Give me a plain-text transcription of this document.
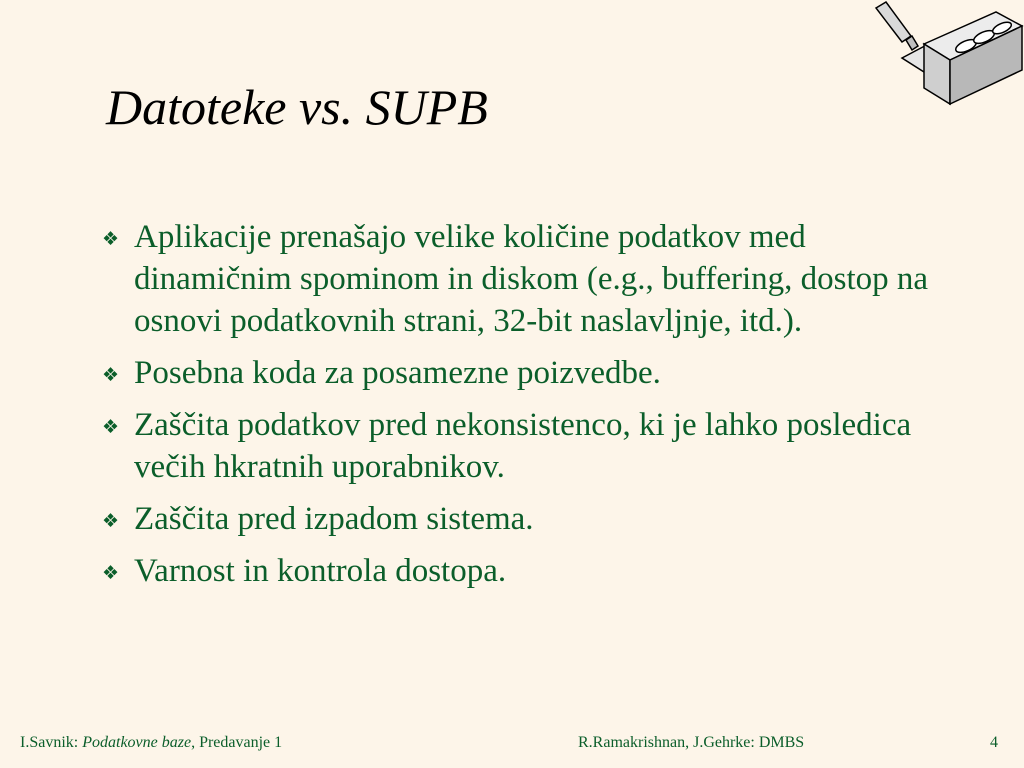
Datoteke vs. SUPB
❖ Aplikacije prenašajo velike količine podatkov med dinamičnim spominom in diskom (e.g., buffering, dostop na osnovi podatkovnih strani, 32-bit naslavljnje, itd.).
❖ Posebna koda za posamezne poizvedbe.
❖ Zaščita podatkov pred nekonsistenco, ki je lahko posledica večih hkratnih uporabnikov.
❖ Zaščita pred izpadom sistema.
❖ Varnost in kontrola dostopa.
I.Savnik: Podatkovne baze, Predavanje 1	R.Ramakrishnan, J.Gehrke: DMBS	4
